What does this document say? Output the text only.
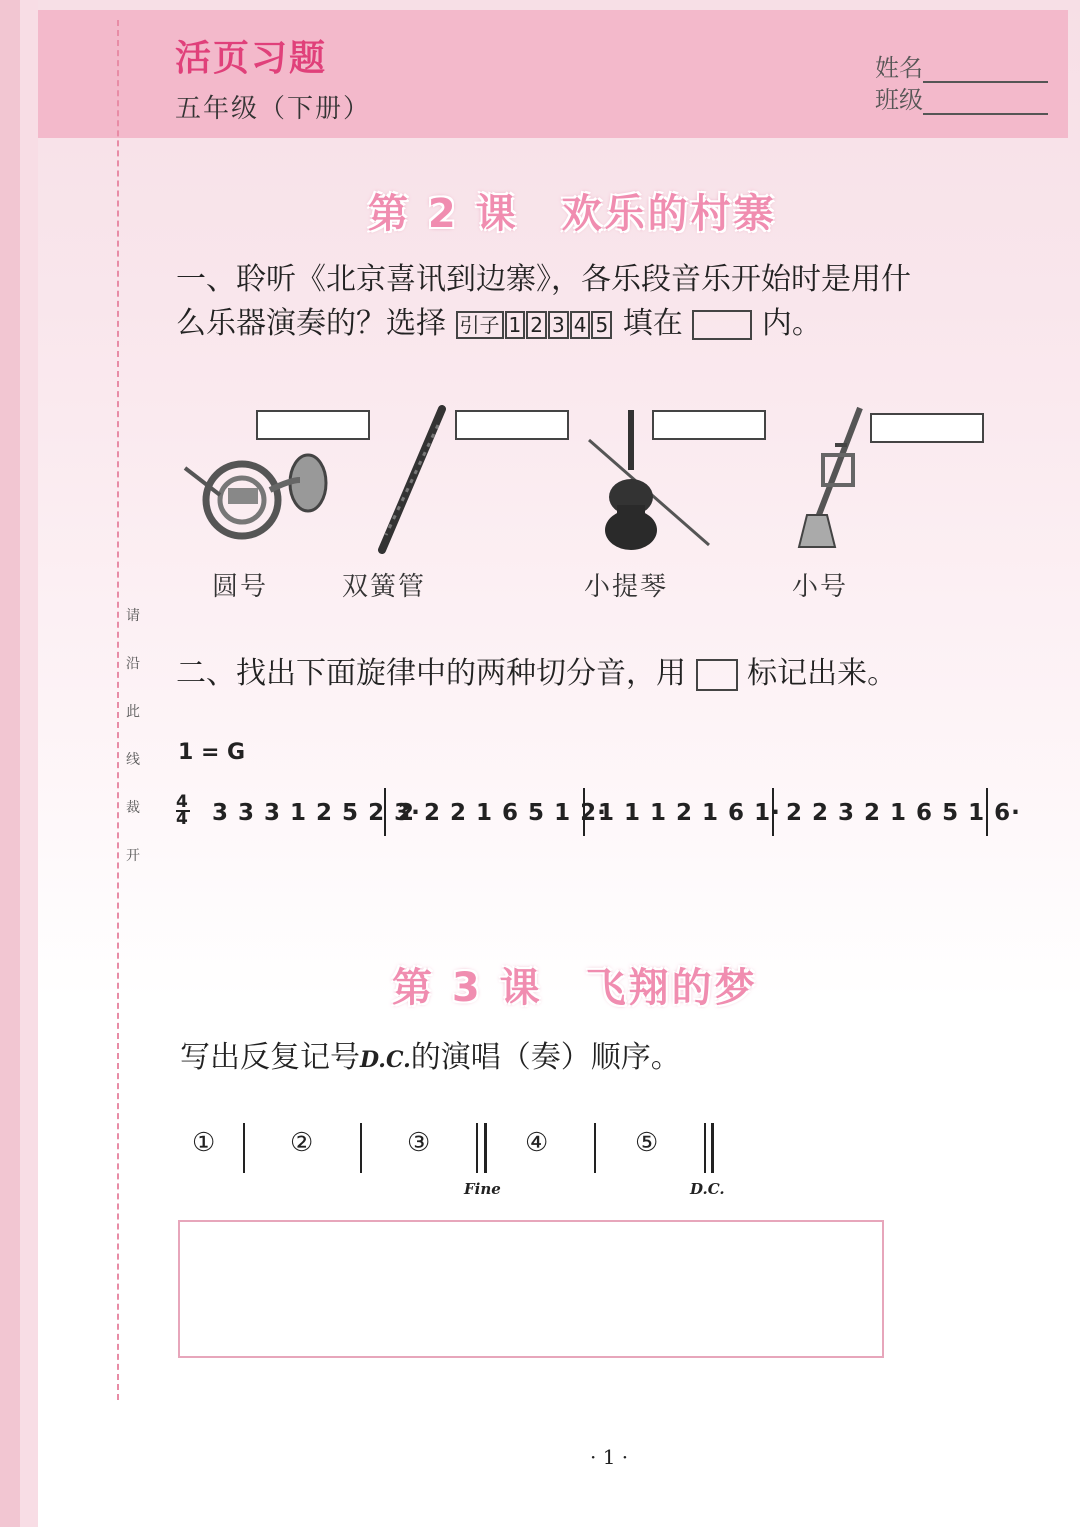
请
沿
此
线
裁
开
活页习题
五年级（下册）
姓名
班级
第 2 课　欢乐的村寨
一、聆听《北京喜讯到边寨》，各乐段音乐开始时是用什
么乐器演奏的？选择 引子 1 2 3 4 5 填在	内。
圆号	双簧管	小提琴	小号
二、找出下面旋律中的两种切分音，用 标记出来。
1 = G
4
4 3 3 3 1 2 5 2 3·
2 2 2 1 6 5 1 2·
1 1 1 2 1 6 1· 2 2 3 2 1 6 5 1 6·
第 3 课　飞翔的梦
写出反复记号D.C.的演唱（奏）顺序。
①	②	③	④	⑤
Fine	D.C.
· 1 ·
